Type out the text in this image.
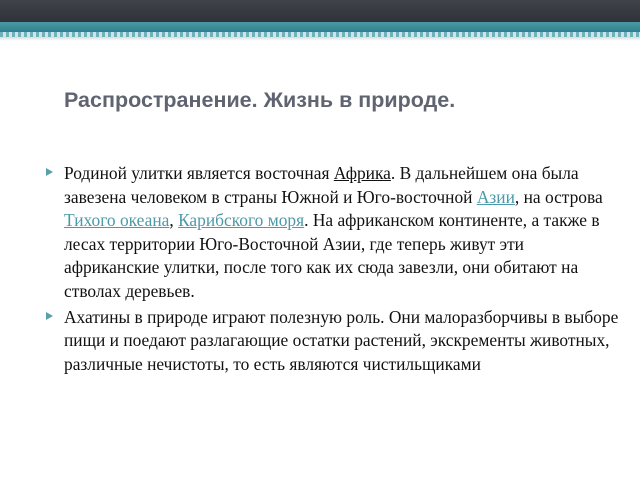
Распространение. Жизнь в природе.
Родиной улитки является восточная Африка. В дальнейшем она была завезена человеком в страны Южной и Юго-восточной Азии, на острова Тихого океана, Карибского моря. На африканском континенте, а также в лесах территории Юго-Восточной Азии, где теперь живут эти африканские улитки, после того как их сюда завезли, они обитают на стволах деревьев.
Ахатины в природе играют полезную роль. Они малоразборчивы в выборе пищи и поедают разлагающие остатки растений, экскременты животных, различные нечистоты, то есть являются чистильщиками
